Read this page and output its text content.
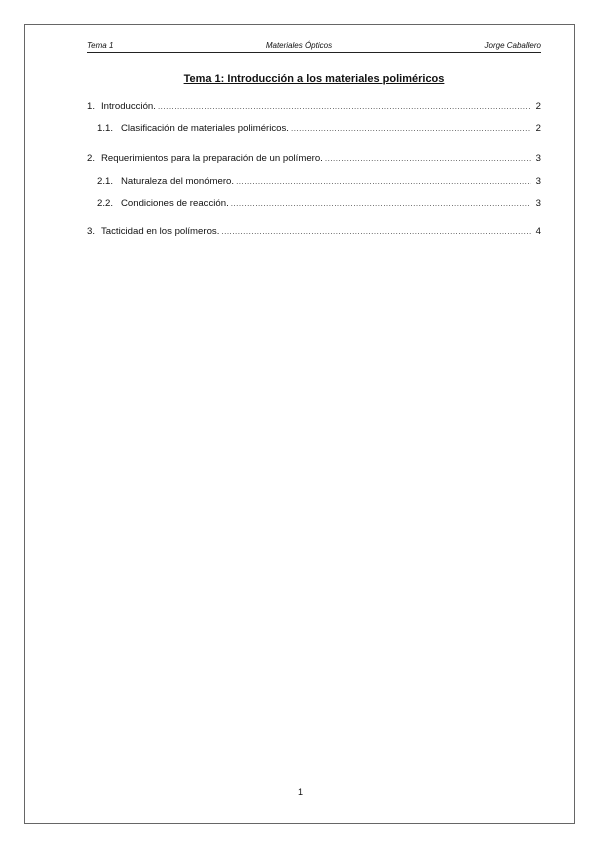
Tema 1	Materiales Ópticos	Jorge Caballero
Tema 1: Introducción a los materiales poliméricos
1. Introducción. .....	2
1.1. Clasificación de materiales poliméricos. .....	2
2. Requerimientos para la preparación de un polímero. .....	3
2.1. Naturaleza del monómero. .....	3
2.2. Condiciones de reacción. .....	3
3. Tacticidad en los polímeros. .....	4
1
